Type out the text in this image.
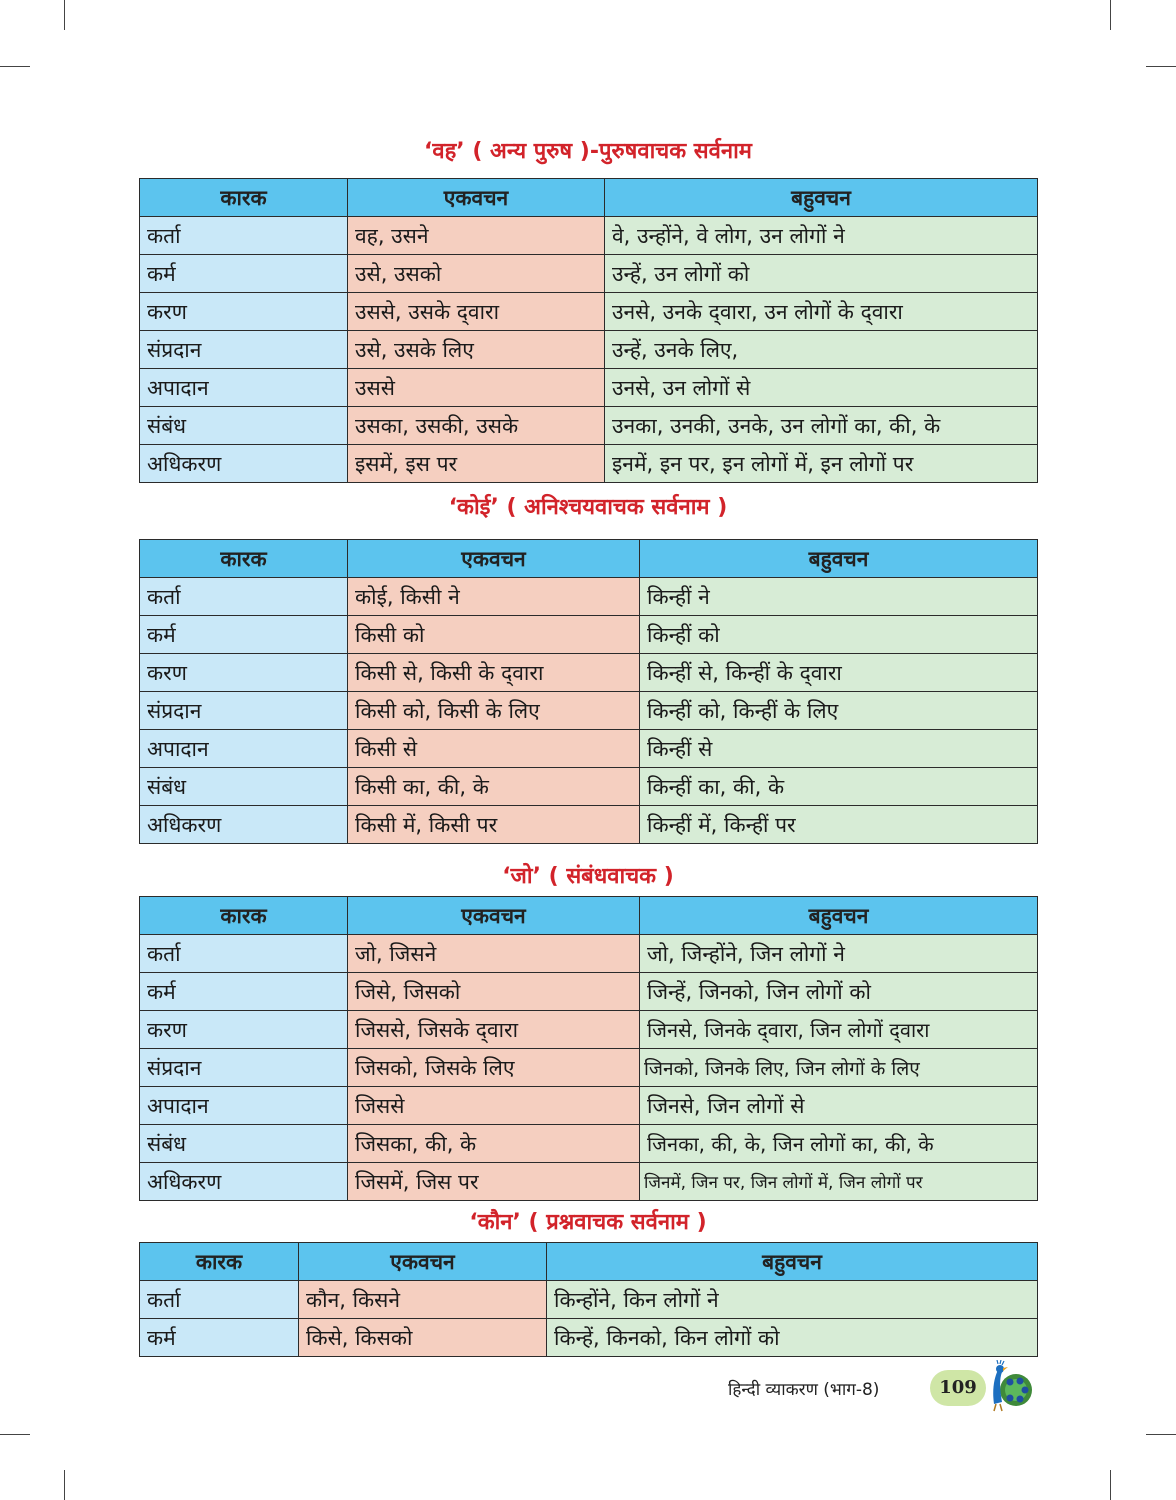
‘वह’ ( अन्य पुरुष )-पुरुषवाचक सर्वनाम
कारक	एकवचन	बहुवचन
कर्ता	वह, उसने	वे, उन्होंने, वे लोग, उन लोगों ने
कर्म	उसे, उसको	उन्हें, उन लोगों को
करण	उससे, उसके द्‌वारा	उनसे, उनके द्‌वारा, उन लोगों के द्‌वारा
संप्रदान	उसे, उसके लिए	उन्हें, उनके लिए,
अपादान	उससे	उनसे, उन लोगों से
संबंध	उसका, उसकी, उसके	उनका, उनकी, उनके, उन लोगों का, की, के
अधिकरण	इसमें, इस पर	इनमें, इन पर, इन लोगों में, इन लोगों पर
‘कोई’ ( अनिश्चयवाचक सर्वनाम )
कारक	एकवचन	बहुवचन
कर्ता	कोई, किसी ने	किन्हीं ने
कर्म	किसी को	किन्हीं को
करण	किसी से, किसी के द्‌वारा	किन्हीं से, किन्हीं के द्‌वारा
संप्रदान	किसी को, किसी के लिए	किन्हीं को, किन्हीं के लिए
अपादान	किसी से	किन्हीं से
संबंध	किसी का, की, के	किन्हीं का, की, के
अधिकरण	किसी में, किसी पर	किन्हीं में, किन्हीं पर
‘जो’ ( संबंधवाचक )
कारक	एकवचन	बहुवचन
कर्ता	जो, जिसने	जो, जिन्होंने, जिन लोगों ने
कर्म	जिसे, जिसको	जिन्हें, जिनको, जिन लोगों को
करण	जिससे, जिसके द्‌वारा	जिनसे, जिनके द्‌वारा, जिन लोगों द्‌वारा
संप्रदान	जिसको, जिसके लिए	जिनको, जिनके लिए, जिन लोगों के लिए
अपादान	जिससे	जिनसे, जिन लोगों से
संबंध	जिसका, की, के	जिनका, की, के, जिन लोगों का, की, के
अधिकरण	जिसमें, जिस पर	जिनमें, जिन पर, जिन लोगों में, जिन लोगों पर
‘कौन’ ( प्रश्नवाचक सर्वनाम )
कारक	एकवचन	बहुवचन
कर्ता	कौन, किसने	किन्होंने, किन लोगों ने
कर्म	किसे, किसको	किन्हें, किनको, किन लोगों को
हिन्दी व्याकरण (भाग-8)	109
